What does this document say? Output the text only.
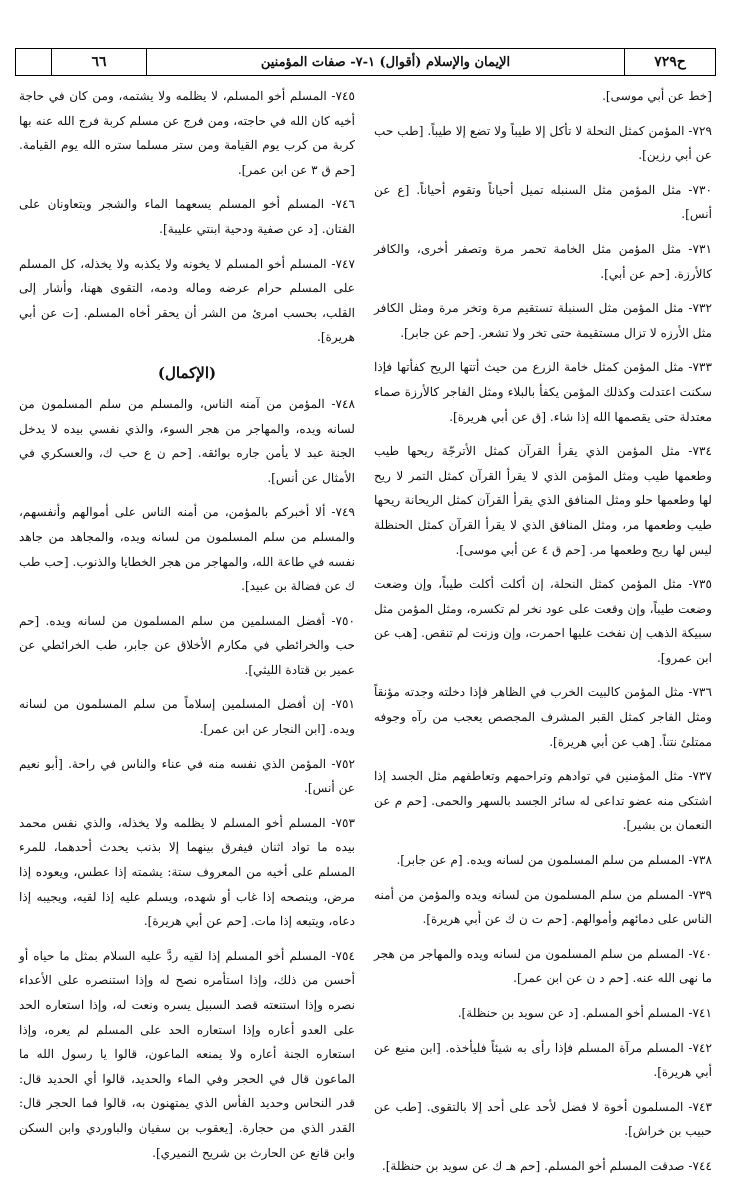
٦٦	الإيمان والإسلام (أقوال) ١-٧- صفات المؤمنين	ح٧٢٩

٧٤٥- المسلم أخو المسلم، لا يظلمه ولا يشتمه، ومن كان في حاجة أخيه كان الله في حاجته، ومن فرج عن مسلم كربة فرج الله عنه بها كربة من كرب يوم القيامة ومن ستر مسلما ستره الله يوم القيامة. [حم ق ٣ عن ابن عمر].

٧٤٦- المسلم أخو المسلم يسعهما الماء والشجر ويتعاونان على الفتان. [د عن صفية ودحية ابنتي عليبة].

٧٤٧- المسلم أخو المسلم لا يخونه ولا يكذبه ولا يخذله، كل المسلم على المسلم حرام عرضه وماله ودمه، التقوى ههنا، وأشار إلى القلب، بحسب امرئ من الشر أن يحقر أخاه المسلم. [ت عن أبي هريرة].

(الإكمال)

٧٤٨- المؤمن من آمنه الناس، والمسلم من سلم المسلمون من لسانه ويده، والمهاجر من هجر السوء، والذي نفسي بيده لا يدخل الجنة عبد لا يأمن جاره بوائقه. [حم ن ع حب ك، والعسكري في الأمثال عن أنس].

٧٤٩- ألا أخبركم بالمؤمن، من أمنه الناس على أموالهم وأنفسهم، والمسلم من سلم المسلمون من لسانه ويده، والمجاهد من جاهد نفسه في طاعة الله، والمهاجر من هجر الخطايا والذنوب. [حب طب ك عن فضالة بن عبيد].

٧٥٠- أفضل المسلمين من سلم المسلمون من لسانه ويده. [حم حب والخرائطي في مكارم الأخلاق عن جابر، طب الخرائطي عن عمير بن قتادة الليثي].

٧٥١- إن أفضل المسلمين إسلاماً من سلم المسلمون من لسانه ويده. [ابن النجار عن ابن عمر].

٧٥٢- المؤمن الذي نفسه منه في عناء والناس في راحة. [أبو نعيم عن أنس].

٧٥٣- المسلم أخو المسلم لا يظلمه ولا يخذله، والذي نفس محمد بيده ما تواد اثنان فيفرق بينهما إلا بذنب يحدث أحدهما، للمرء المسلم على أخيه من المعروف ستة: يشمته إذا عطس، ويعوده إذا مرض، وينصحه إذا غاب أو شهده، ويسلم عليه إذا لقيه، ويجيبه إذا دعاه، ويتبعه إذا مات. [حم عن أبي هريرة].

٧٥٤- المسلم أخو المسلم إذا لقيه ردَّ عليه السلام بمثل ما حياه أو أحسن من ذلك، وإذا استأمره نصح له وإذا استنصره على الأعداء نصره وإذا استنعته قصد السبيل يسره ونعت له، وإذا استعاره الحد على العدو أعاره وإذا استعاره الحد على المسلم لم يعره، وإذا استعاره الجنة أعاره ولا يمنعه الماعون، قالوا يا رسول الله ما الماعون قال في الحجر وفي الماء والحديد، قالوا أي الحديد قال: قدر النحاس وحديد الفأس الذي يمتهنون به، قالوا فما الحجر قال: القدر الذي من حجارة. [يعقوب بن سفيان والباوردي وابن السكن وابن قانع عن الحارث بن شريح النميري].

[خط عن أبي موسى].

٧٢٩- المؤمن كمثل النحلة لا تأكل إلا طيباً ولا تضع إلا طيباً. [طب حب عن أبي رزين].

٧٣٠- مثل المؤمن مثل السنبله تميل أحياناً وتقوم أحياناً. [ع عن أنس].

٧٣١- مثل المؤمن مثل الخامة تحمر مرة وتصفر أخرى، والكافر كالأرزة. [حم عن أبي].

٧٣٢- مثل المؤمن مثل السنبلة تستقيم مرة وتخر مرة ومثل الكافر مثل الأرزه لا تزال مستقيمة حتى تخر ولا تشعر. [حم عن جابر].

٧٣٣- مثل المؤمن كمثل خامة الزرع من حيث أتتها الريح كفأتها فإذا سكنت اعتدلت وكذلك المؤمن يكفأ بالبلاء ومثل الفاجر كالأرزة صماء معتدلة حتى يقصمها الله إذا شاء. [ق عن أبي هريرة].

٧٣٤- مثل المؤمن الذي يقرأ القرآن كمثل الأترجّة ريحها طيب وطعمها طيب ومثل المؤمن الذي لا يقرأ القرآن كمثل التمر لا ريح لها وطعمها حلو ومثل المنافق الذي يقرأ القرآن كمثل الريحانة ريحها طيب وطعمها مر، ومثل المنافق الذي لا يقرأ القرآن كمثل الحنظلة ليس لها ريح وطعمها مر. [حم ق ٤ عن أبي موسى].

٧٣٥- مثل المؤمن كمثل النحلة، إن أكلت أكلت طيباً، وإن وضعت وضعت طيباً، وإن وقعت على عود نخر لم تكسره، ومثل المؤمن مثل سبيكة الذهب إن نفخت عليها احمرت، وإن وزنت لم تنقص. [هب عن ابن عمرو].

٧٣٦- مثل المؤمن كالبيت الخرب في الظاهر فإذا دخلته وجدته مؤنقاً ومثل الفاجر كمثل القبر المشرف المجصص يعجب من رآه وجوفه ممتلئ نتناً. [هب عن أبي هريرة].

٧٣٧- مثل المؤمنين في توادهم وتراحمهم وتعاطفهم مثل الجسد إذا اشتكى منه عضو تداعى له سائر الجسد بالسهر والحمى. [حم م عن النعمان بن بشير].

٧٣٨- المسلم من سلم المسلمون من لسانه ويده. [م عن جابر].

٧٣٩- المسلم من سلم المسلمون من لسانه ويده والمؤمن من أمنه الناس على دمائهم وأموالهم. [حم ت ن ك عن أبي هريرة].

٧٤٠- المسلم من سلم المسلمون من لسانه ويده والمهاجر من هجر ما نهى الله عنه. [حم د ن عن ابن عمر].

٧٤١- المسلم أخو المسلم. [د عن سويد بن حنظلة].

٧٤٢- المسلم مرآة المسلم فإذا رأى به شيئاً فليأخذه. [ابن منيع عن أبي هريرة].

٧٤٣- المسلمون أخوة لا فضل لأحد على أحد إلا بالتقوى. [طب عن حبيب بن خراش].

٧٤٤- صدقت المسلم أخو المسلم. [حم هـ ك عن سويد بن حنظلة].
